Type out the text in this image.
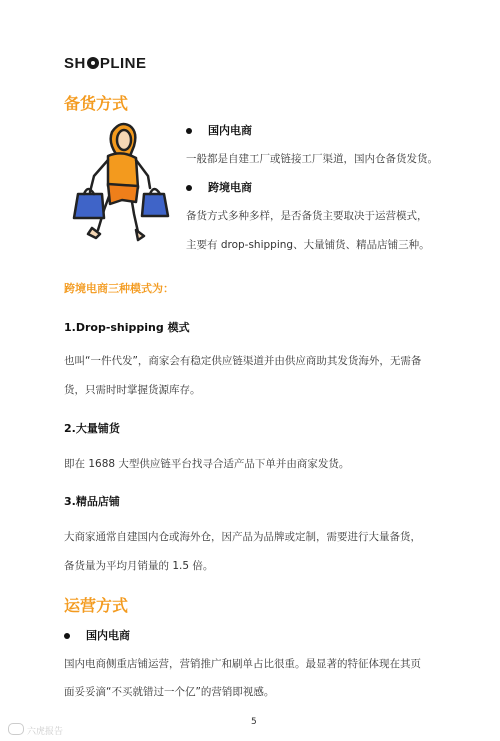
SH PLINE
备货方式
国内电商
一般都是自建工厂或链接工厂渠道，国内仓备货发货。
跨境电商
备货方式多种多样，是否备货主要取决于运营模式，
主要有 drop-shipping、大量铺货、精品店铺三种。
跨境电商三种模式为：
1.Drop-shipping 模式
也叫“一件代发”，商家会有稳定供应链渠道并由供应商助其发货海外，无需备
货，只需时时掌握货源库存。
2.大量铺货
即在 1688 大型供应链平台找寻合适产品下单并由商家发货。
3.精品店铺
大商家通常自建国内仓或海外仓，因产品为品牌或定制，需要进行大量备货，
备货量为平均月销量的 1.5 倍。
运营方式
国内电商
国内电商侧重店铺运营，营销推广和刷单占比很重。最显著的特征体现在其页
面妥妥滴“不买就错过一个亿”的营销即视感。
六虎报告
5
